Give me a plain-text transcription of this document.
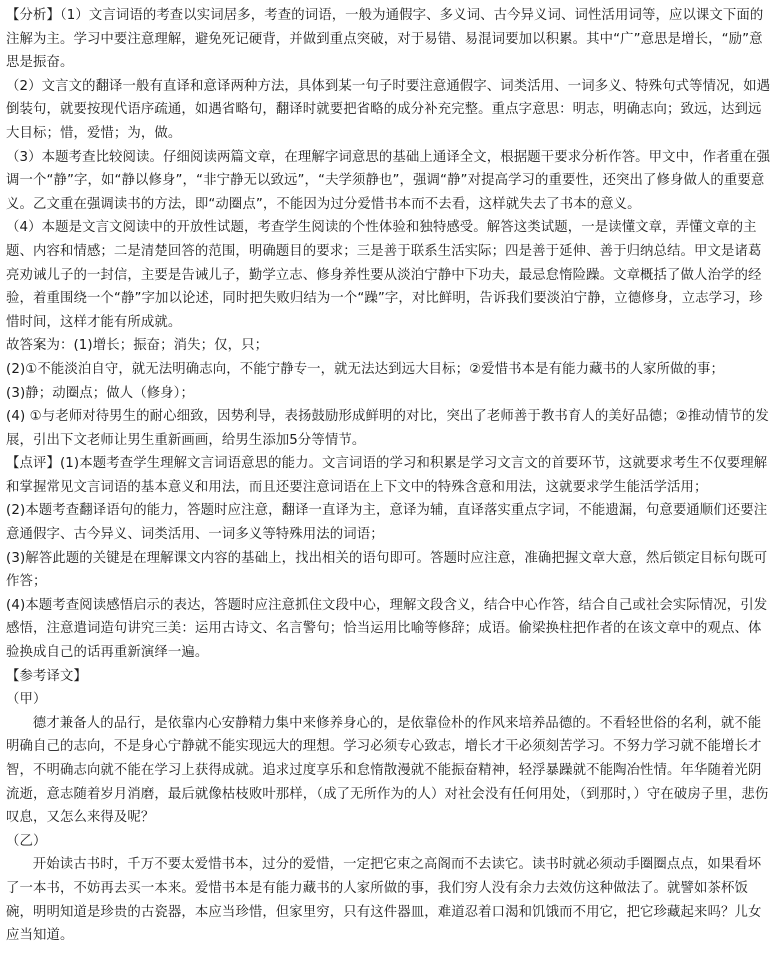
【分析】（1）文言词语的考查以实词居多，考查的词语，一般为通假字、多义词、古今异义词、词性活用词等，应以课文下面的注解为主。学习中要注意理解，避免死记硬背，并做到重点突破，对于易错、易混词要加以积累。其中“广”意思是增长，“励”意思是振奋。

（2）文言文的翻译一般有直译和意译两种方法，具体到某一句子时要注意通假字、词类活用、一词多义、特殊句式等情况，如遇倒装句，就要按现代语序疏通，如遇省略句，翻译时就要把省略的成分补充完整。重点字意思：明志，明确志向；致远，达到远大目标；惜，爱惜；为，做。

（3）本题考查比较阅读。仔细阅读两篇文章，在理解字词意思的基础上通译全文，根据题干要求分析作答。甲文中，作者重在强调一个“静”字，如“静以修身”，“非宁静无以致远”，“夫学须静也”，强调“静”对提高学习的重要性，还突出了修身做人的重要意义。乙文重在强调读书的方法，即“动圈点”，不能因为过分爱惜书本而不去看，这样就失去了书本的意义。

（4）本题是文言文阅读中的开放性试题，考查学生阅读的个性体验和独特感受。解答这类试题，一是读懂文章，弄懂文章的主题、内容和情感；二是清楚回答的范围，明确题目的要求；三是善于联系生活实际；四是善于延伸、善于归纳总结。甲文是诸葛亮劝诫儿子的一封信，主要是告诫儿子，勤学立志、修身养性要从淡泊宁静中下功夫，最忌怠惰险躁。文章概括了做人治学的经验，着重围绕一个“静”字加以论述，同时把失败归结为一个“躁”字，对比鲜明，告诉我们要淡泊宁静，立德修身，立志学习，珍惜时间，这样才能有所成就。

故答案为：(1)增长；振奋；消失；仅，只；

(2)①不能淡泊自守，就无法明确志向，不能宁静专一，就无法达到远大目标；②爱惜书本是有能力藏书的人家所做的事；

(3)静；动圈点；做人（修身）；

(4) ①与老师对待男生的耐心细致，因势利导，表扬鼓励形成鲜明的对比，突出了老师善于教书育人的美好品德；②推动情节的发展，引出下文老师让男生重新画画，给男生添加5分等情节。

【点评】(1)本题考查学生理解文言词语意思的能力。文言词语的学习和积累是学习文言文的首要环节，这就要求考生不仅要理解和掌握常见文言词语的基本意义和用法，而且还要注意词语在上下文中的特殊含意和用法，这就要求学生能活学活用；

(2)本题考查翻译语句的能力，答题时应注意，翻译一直译为主，意译为辅，直译落实重点字词，不能遗漏，句意要通顺们还要注意通假字、古今异义、词类活用、一词多义等特殊用法的词语；

(3)解答此题的关键是在理解课文内容的基础上，找出相关的语句即可。答题时应注意，准确把握文章大意，然后锁定目标句既可作答；

(4)本题考查阅读感悟启示的表达，答题时应注意抓住文段中心，理解文段含义，结合中心作答，结合自己或社会实际情况，引发感悟，注意遣词造句讲究三美：运用古诗文、名言警句；恰当运用比喻等修辞；成语。偷梁换柱把作者的在该文章中的观点、体验换成自己的话再重新演绎一遍。

【参考译文】

（甲）

德才兼备人的品行，是依靠内心安静精力集中来修养身心的，是依靠俭朴的作风来培养品德的。不看轻世俗的名利，就不能明确自己的志向，不是身心宁静就不能实现远大的理想。学习必须专心致志，增长才干必须刻苦学习。不努力学习就不能增长才智，不明确志向就不能在学习上获得成就。追求过度享乐和怠惰散漫就不能振奋精神，轻浮暴躁就不能陶冶性情。年华随着光阴流逝，意志随着岁月消磨，最后就像枯枝败叶那样，（成了无所作为的人）对社会没有任何用处，（到那时，）守在破房子里，悲伤叹息，又怎么来得及呢？

（乙）

开始读古书时，千万不要太爱惜书本，过分的爱惜，一定把它束之高阁而不去读它。读书时就必须动手圈圈点点，如果看坏了一本书，不妨再去买一本来。爱惜书本是有能力藏书的人家所做的事，我们穷人没有余力去效仿这种做法了。就譬如茶杯饭碗，明明知道是珍贵的古瓷器，本应当珍惜，但家里穷，只有这件器皿，难道忍着口渴和饥饿而不用它，把它珍藏起来吗？儿女应当知道。
